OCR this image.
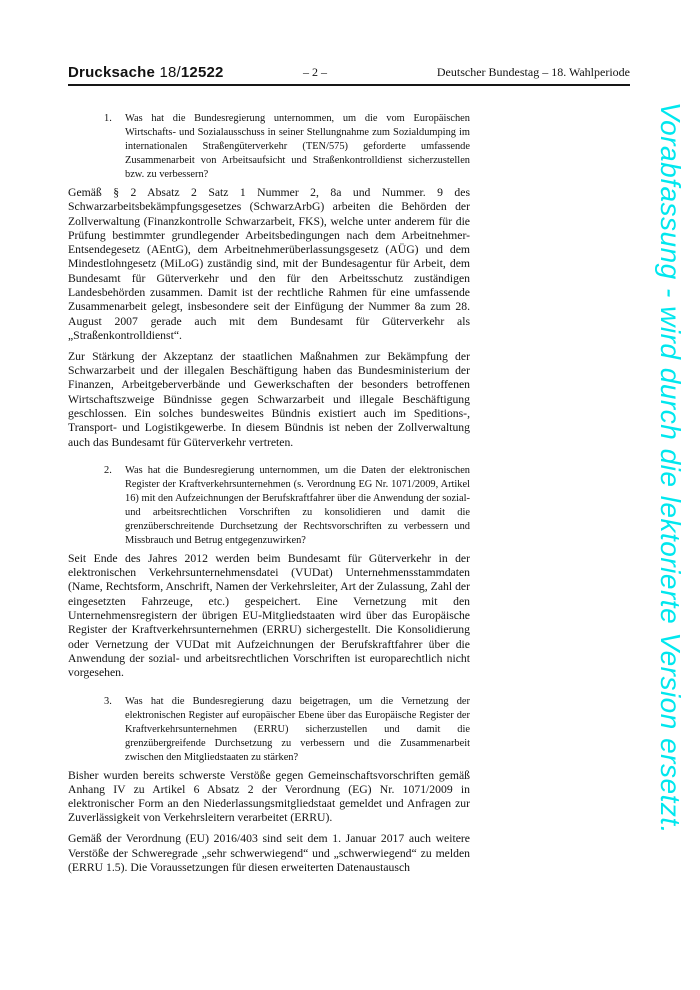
Drucksache 18/12522	– 2 –	Deutscher Bundestag – 18. Wahlperiode
1.	Was hat die Bundesregierung unternommen, um die vom Europäischen Wirtschafts- und Sozialausschuss in seiner Stellungnahme zum Sozialdumping im internationalen Straßengüterverkehr (TEN/575) geforderte umfassende Zusammenarbeit von Arbeitsaufsicht und Straßenkontrolldienst sicherzustellen bzw. zu verbessern?

Gemäß § 2 Absatz 2 Satz 1 Nummer 2, 8a und Nummer. 9 des Schwarzarbeitsbekämpfungsgesetzes (SchwarzArbG) arbeiten die Behörden der Zollverwaltung (Finanzkontrolle Schwarzarbeit, FKS), welche unter anderem für die Prüfung bestimmter grundlegender Arbeitsbedingungen nach dem Arbeitnehmer-Entsendegesetz (AEntG), dem Arbeitnehmerüberlassungsgesetz (AÜG) und dem Mindestlohngesetz (MiLoG) zuständig sind, mit der Bundesagentur für Arbeit, dem Bundesamt für Güterverkehr und den für den Arbeitsschutz zuständigen Landesbehörden zusammen. Damit ist der rechtliche Rahmen für eine umfassende Zusammenarbeit gelegt, insbesondere seit der Einfügung der Nummer 8a zum 28. August 2007 gerade auch mit dem Bundesamt für Güterverkehr als „Straßenkontrolldienst“.

Zur Stärkung der Akzeptanz der staatlichen Maßnahmen zur Bekämpfung der Schwarzarbeit und der illegalen Beschäftigung haben das Bundesministerium der Finanzen, Arbeitgeberverbände und Gewerkschaften der besonders betroffenen Wirtschaftszweige Bündnisse gegen Schwarzarbeit und illegale Beschäftigung geschlossen. Ein solches bundesweites Bündnis existiert auch im Speditions-, Transport- und Logistikgewerbe. In diesem Bündnis ist neben der Zollverwaltung auch das Bundesamt für Güterverkehr vertreten.

2.	Was hat die Bundesregierung unternommen, um die Daten der elektronischen Register der Kraftverkehrsunternehmen (s. Verordnung EG Nr. 1071/2009, Artikel 16) mit den Aufzeichnungen der Berufskraftfahrer über die Anwendung der sozial- und arbeitsrechtlichen Vorschriften zu konsolidieren und damit die grenzüberschreitende Durchsetzung der Rechtsvorschriften zu verbessern und Missbrauch und Betrug entgegenzuwirken?

Seit Ende des Jahres 2012 werden beim Bundesamt für Güterverkehr in der elektronischen Verkehrsunternehmensdatei (VUDat) Unternehmensstammdaten (Name, Rechtsform, Anschrift, Namen der Verkehrsleiter, Art der Zulassung, Zahl der eingesetzten Fahrzeuge, etc.) gespeichert. Eine Vernetzung mit den Unternehmensregistern der übrigen EU-Mitgliedstaaten wird über das Europäische Register der Kraftverkehrsunternehmen (ERRU) sichergestellt. Die Konsolidierung oder Vernetzung der VUDat mit Aufzeichnungen der Berufskraftfahrer über die Anwendung der sozial- und arbeitsrechtlichen Vorschriften ist europarechtlich nicht vorgesehen.

3.	Was hat die Bundesregierung dazu beigetragen, um die Vernetzung der elektronischen Register auf europäischer Ebene über das Europäische Register der Kraftverkehrsunternehmen (ERRU) sicherzustellen und damit die grenzübergreifende Durchsetzung zu verbessern und die Zusammenarbeit zwischen den Mitgliedstaaten zu stärken?

Bisher wurden bereits schwerste Verstöße gegen Gemeinschaftsvorschriften gemäß Anhang IV zu Artikel 6 Absatz 2 der Verordnung (EG) Nr. 1071/2009 in elektronischer Form an den Niederlassungsmitgliedstaat gemeldet und Anfragen zur Zuverlässigkeit von Verkehrsleitern verarbeitet (ERRU).

Gemäß der Verordnung (EU) 2016/403 sind seit dem 1. Januar 2017 auch weitere Verstöße der Schweregrade „sehr schwerwiegend“ und „schwerwiegend“ zu melden (ERRU 1.5). Die Voraussetzungen für diesen erweiterten Datenaustausch

Vorabfassung - wird durch die lektorierte Version ersetzt.
